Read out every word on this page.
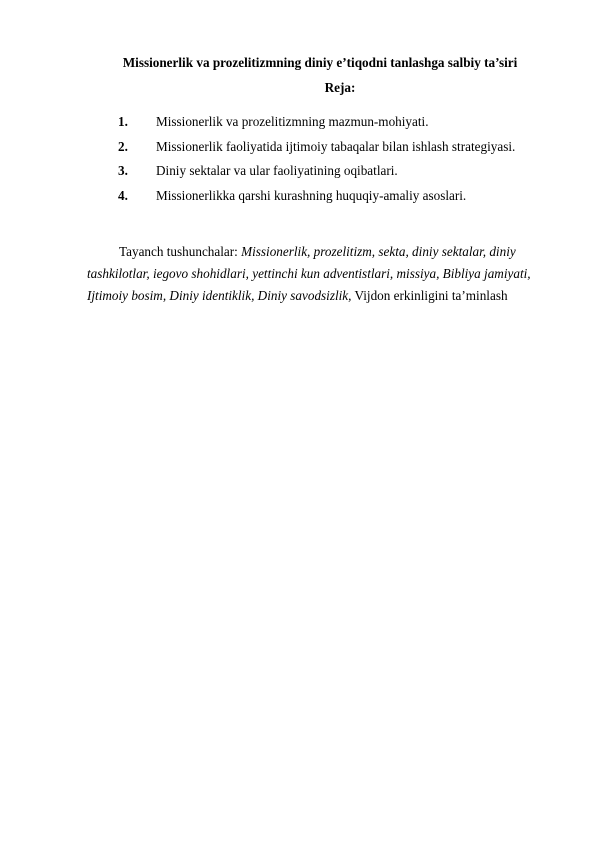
Missionerlik va prozelitizmning diniy e’tiqodni tanlashga salbiy ta’siri
Reja:
1. Missionerlik va prozelitizmning mazmun-mohiyati.
2. Missionerlik faoliyatida ijtimoiy tabaqalar bilan ishlash strategiyasi.
3. Diniy sektalar va ular faoliyatining oqibatlari.
4. Missionerlikka qarshi kurashning huquqiy-amaliy asoslari.
Tayanch tushunchalar: Missionerlik, prozelitizm, sekta, diniy sektalar, diniy
tashkilotlar, iegovo shohidlari, yettinchi kun adventistlari, missiya, Bibliya jamiyati,
Ijtimoiy bosim, Diniy identiklik, Diniy savodsizlik, Vijdon erkinligini ta’minlash
